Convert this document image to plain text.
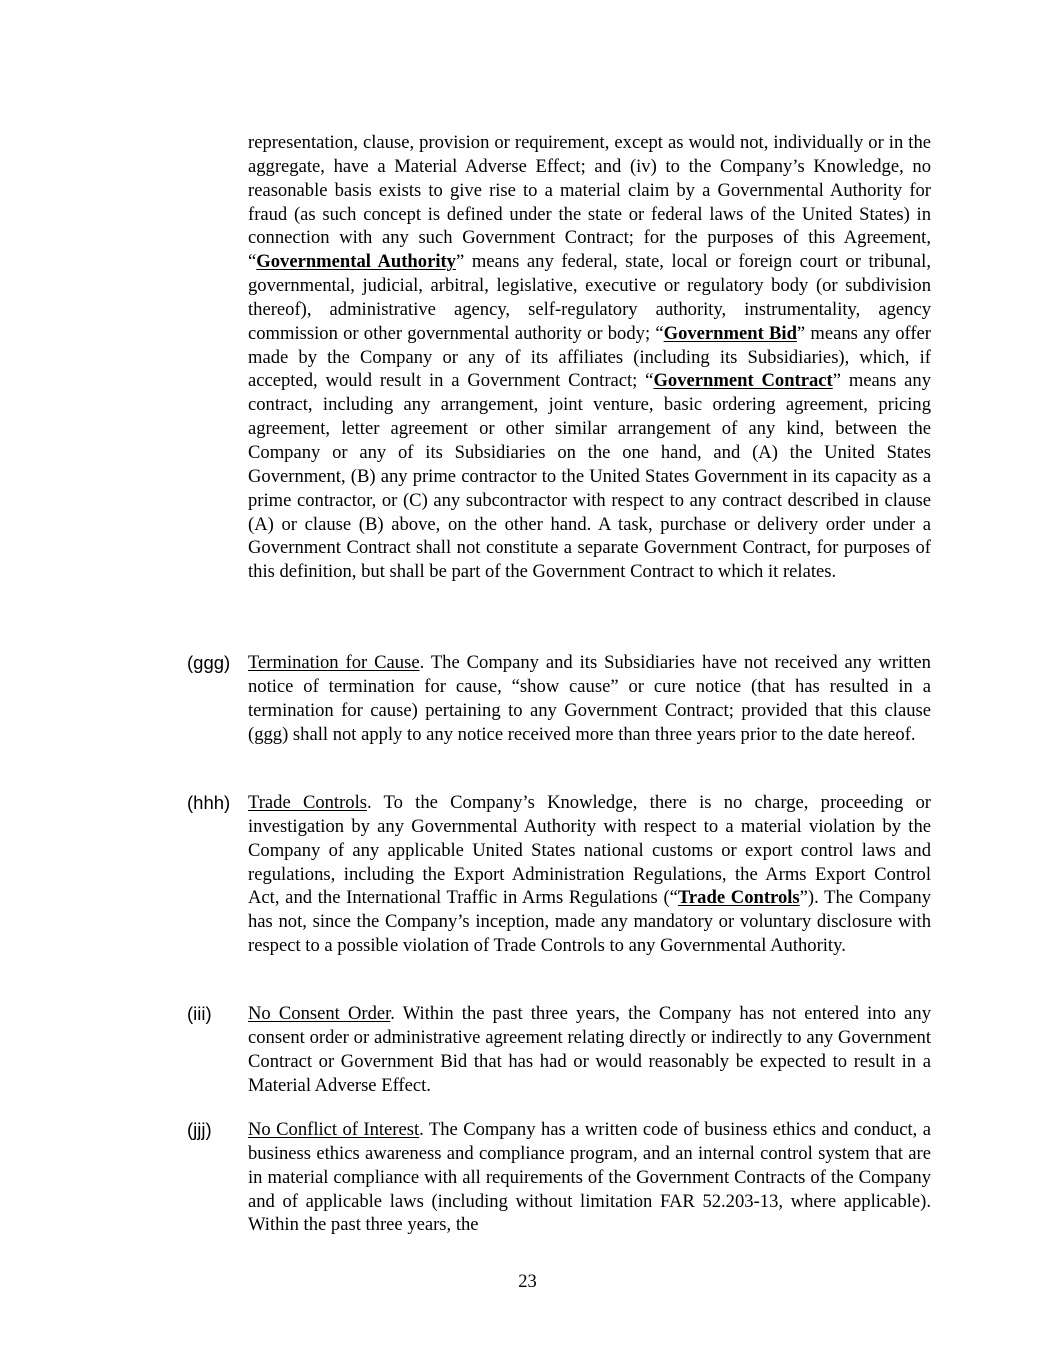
representation, clause, provision or requirement, except as would not, individually or in the aggregate, have a Material Adverse Effect; and (iv) to the Company’s Knowledge, no reasonable basis exists to give rise to a material claim by a Governmental Authority for fraud (as such concept is defined under the state or federal laws of the United States) in connection with any such Government Contract; for the purposes of this Agreement, “Governmental Authority” means any federal, state, local or foreign court or tribunal, governmental, judicial, arbitral, legislative, executive or regulatory body (or subdivision thereof), administrative agency, self-regulatory authority, instrumentality, agency commission or other governmental authority or body; “Government Bid” means any offer made by the Company or any of its affiliates (including its Subsidiaries), which, if accepted, would result in a Government Contract; “Government Contract” means any contract, including any arrangement, joint venture, basic ordering agreement, pricing agreement, letter agreement or other similar arrangement of any kind, between the Company or any of its Subsidiaries on the one hand, and (A) the United States Government, (B) any prime contractor to the United States Government in its capacity as a prime contractor, or (C) any subcontractor with respect to any contract described in clause (A) or clause (B) above, on the other hand. A task, purchase or delivery order under a Government Contract shall not constitute a separate Government Contract, for purposes of this definition, but shall be part of the Government Contract to which it relates.

(ggg) Termination for Cause. The Company and its Subsidiaries have not received any written notice of termination for cause, “show cause” or cure notice (that has resulted in a termination for cause) pertaining to any Government Contract; provided that this clause (ggg) shall not apply to any notice received more than three years prior to the date hereof.

(hhh) Trade Controls. To the Company’s Knowledge, there is no charge, proceeding or investigation by any Governmental Authority with respect to a material violation by the Company of any applicable United States national customs or export control laws and regulations, including the Export Administration Regulations, the Arms Export Control Act, and the International Traffic in Arms Regulations (“Trade Controls”). The Company has not, since the Company’s inception, made any mandatory or voluntary disclosure with respect to a possible violation of Trade Controls to any Governmental Authority.

(iii) No Consent Order. Within the past three years, the Company has not entered into any consent order or administrative agreement relating directly or indirectly to any Government Contract or Government Bid that has had or would reasonably be expected to result in a Material Adverse Effect.

(jjj) No Conflict of Interest. The Company has a written code of business ethics and conduct, a business ethics awareness and compliance program, and an internal control system that are in material compliance with all requirements of the Government Contracts of the Company and of applicable laws (including without limitation FAR 52.203-13, where applicable). Within the past three years, the

23
